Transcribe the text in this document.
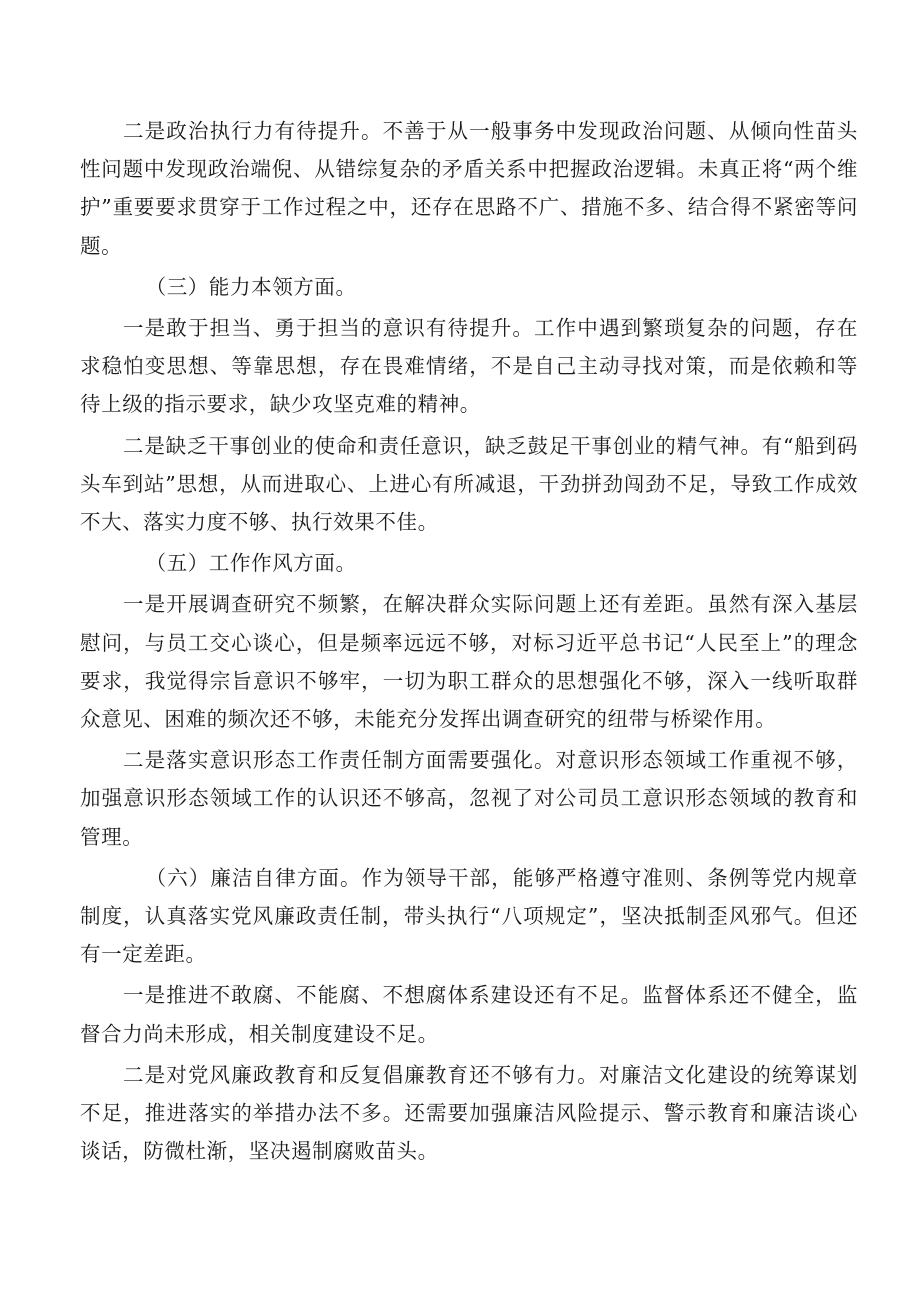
二是政治执行力有待提升。不善于从一般事务中发现政治问题、从倾向性苗头性问题中发现政治端倪、从错综复杂的矛盾关系中把握政治逻辑。未真正将“两个维护”重要要求贯穿于工作过程之中，还存在思路不广、措施不多、结合得不紧密等问题。

（三）能力本领方面。

一是敢于担当、勇于担当的意识有待提升。工作中遇到繁琐复杂的问题，存在求稳怕变思想、等靠思想，存在畏难情绪，不是自己主动寻找对策，而是依赖和等待上级的指示要求，缺少攻坚克难的精神。

二是缺乏干事创业的使命和责任意识，缺乏鼓足干事创业的精气神。有“船到码头车到站”思想，从而进取心、上进心有所减退，干劲拼劲闯劲不足，导致工作成效不大、落实力度不够、执行效果不佳。

（五）工作作风方面。

一是开展调查研究不频繁，在解决群众实际问题上还有差距。虽然有深入基层慰问，与员工交心谈心，但是频率远远不够，对标习近平总书记“人民至上”的理念要求，我觉得宗旨意识不够牢，一切为职工群众的思想强化不够，深入一线听取群众意见、困难的频次还不够，未能充分发挥出调查研究的纽带与桥梁作用。

二是落实意识形态工作责任制方面需要强化。对意识形态领域工作重视不够，加强意识形态领域工作的认识还不够高，忽视了对公司员工意识形态领域的教育和管理。

（六）廉洁自律方面。作为领导干部，能够严格遵守准则、条例等党内规章制度，认真落实党风廉政责任制，带头执行“八项规定”，坚决抵制歪风邪气。但还有一定差距。

一是推进不敢腐、不能腐、不想腐体系建设还有不足。监督体系还不健全，监督合力尚未形成，相关制度建设不足。

二是对党风廉政教育和反复倡廉教育还不够有力。对廉洁文化建设的统筹谋划不足，推进落实的举措办法不多。还需要加强廉洁风险提示、警示教育和廉洁谈心谈话，防微杜渐，坚决遏制腐败苗头。
